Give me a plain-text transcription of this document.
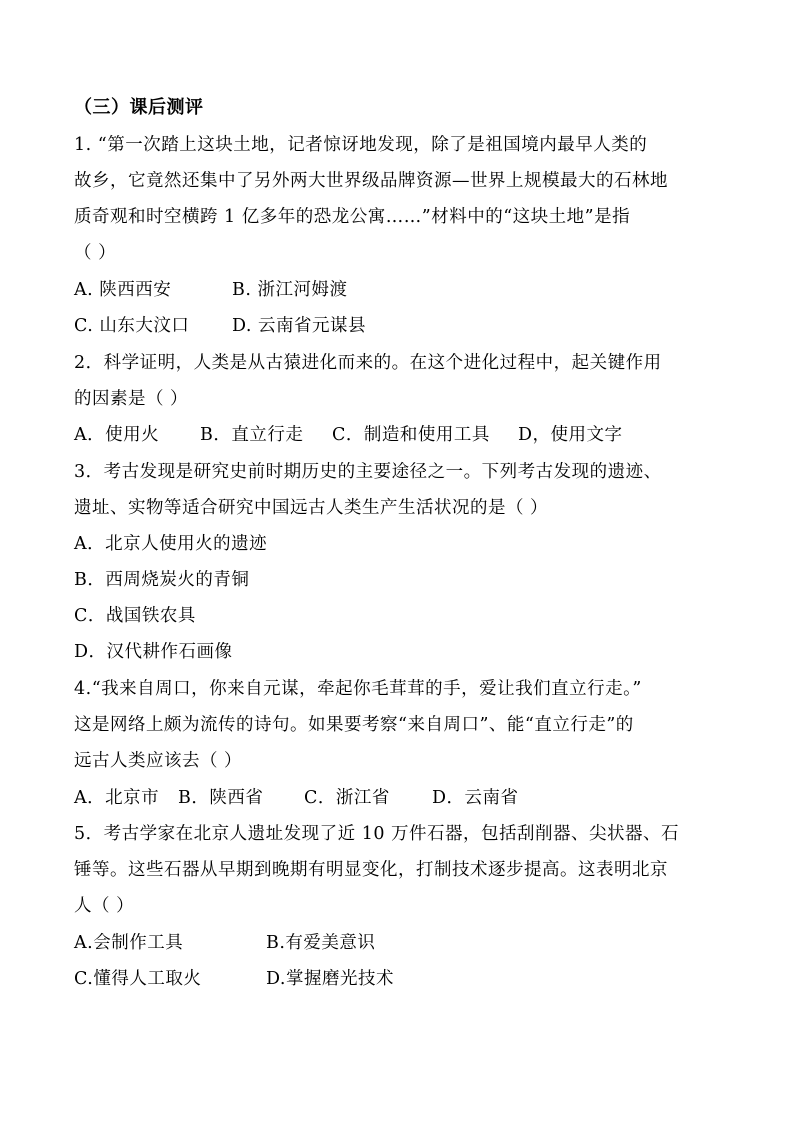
（三）课后测评
1. “第一次踏上这块土地，记者惊讶地发现，除了是祖国境内最早人类的
故乡，它竟然还集中了另外两大世界级品牌资源—世界上规模最大的石林地
质奇观和时空横跨 1 亿多年的恐龙公寓……”材料中的“这块土地”是指
（ ）
A. 陕西西安	B. 浙江河姆渡
C. 山东大汶口 D. 云南省元谋县
2．科学证明，人类是从古猿进化而来的。在这个进化过程中，起关键作用
的因素是（ ）
A．使用火 B．直立行走 C．制造和使用工具 D，使用文字
3．考古发现是研究史前时期历史的主要途径之一。下列考古发现的遗迹、
遗址、实物等适合研究中国远古人类生产生活状况的是（ ）
A．北京人使用火的遗迹
B．西周烧炭火的青铜
C．战国铁农具
D．汉代耕作石画像
4.“我来自周口，你来自元谋，牵起你毛茸茸的手，爱让我们直立行走。”
这是网络上颇为流传的诗句。如果要考察“来自周口”、能“直立行走”的
远古人类应该去（ ）
A．北京市 B．陕西省 C．浙江省 D．云南省
5．考古学家在北京人遗址发现了近 10 万件石器，包括刮削器、尖状器、石
锤等。这些石器从早期到晚期有明显变化，打制技术逐步提高。这表明北京
人（ ）
A.会制作工具	B.有爱美意识
C.懂得人工取火	D.掌握磨光技术
